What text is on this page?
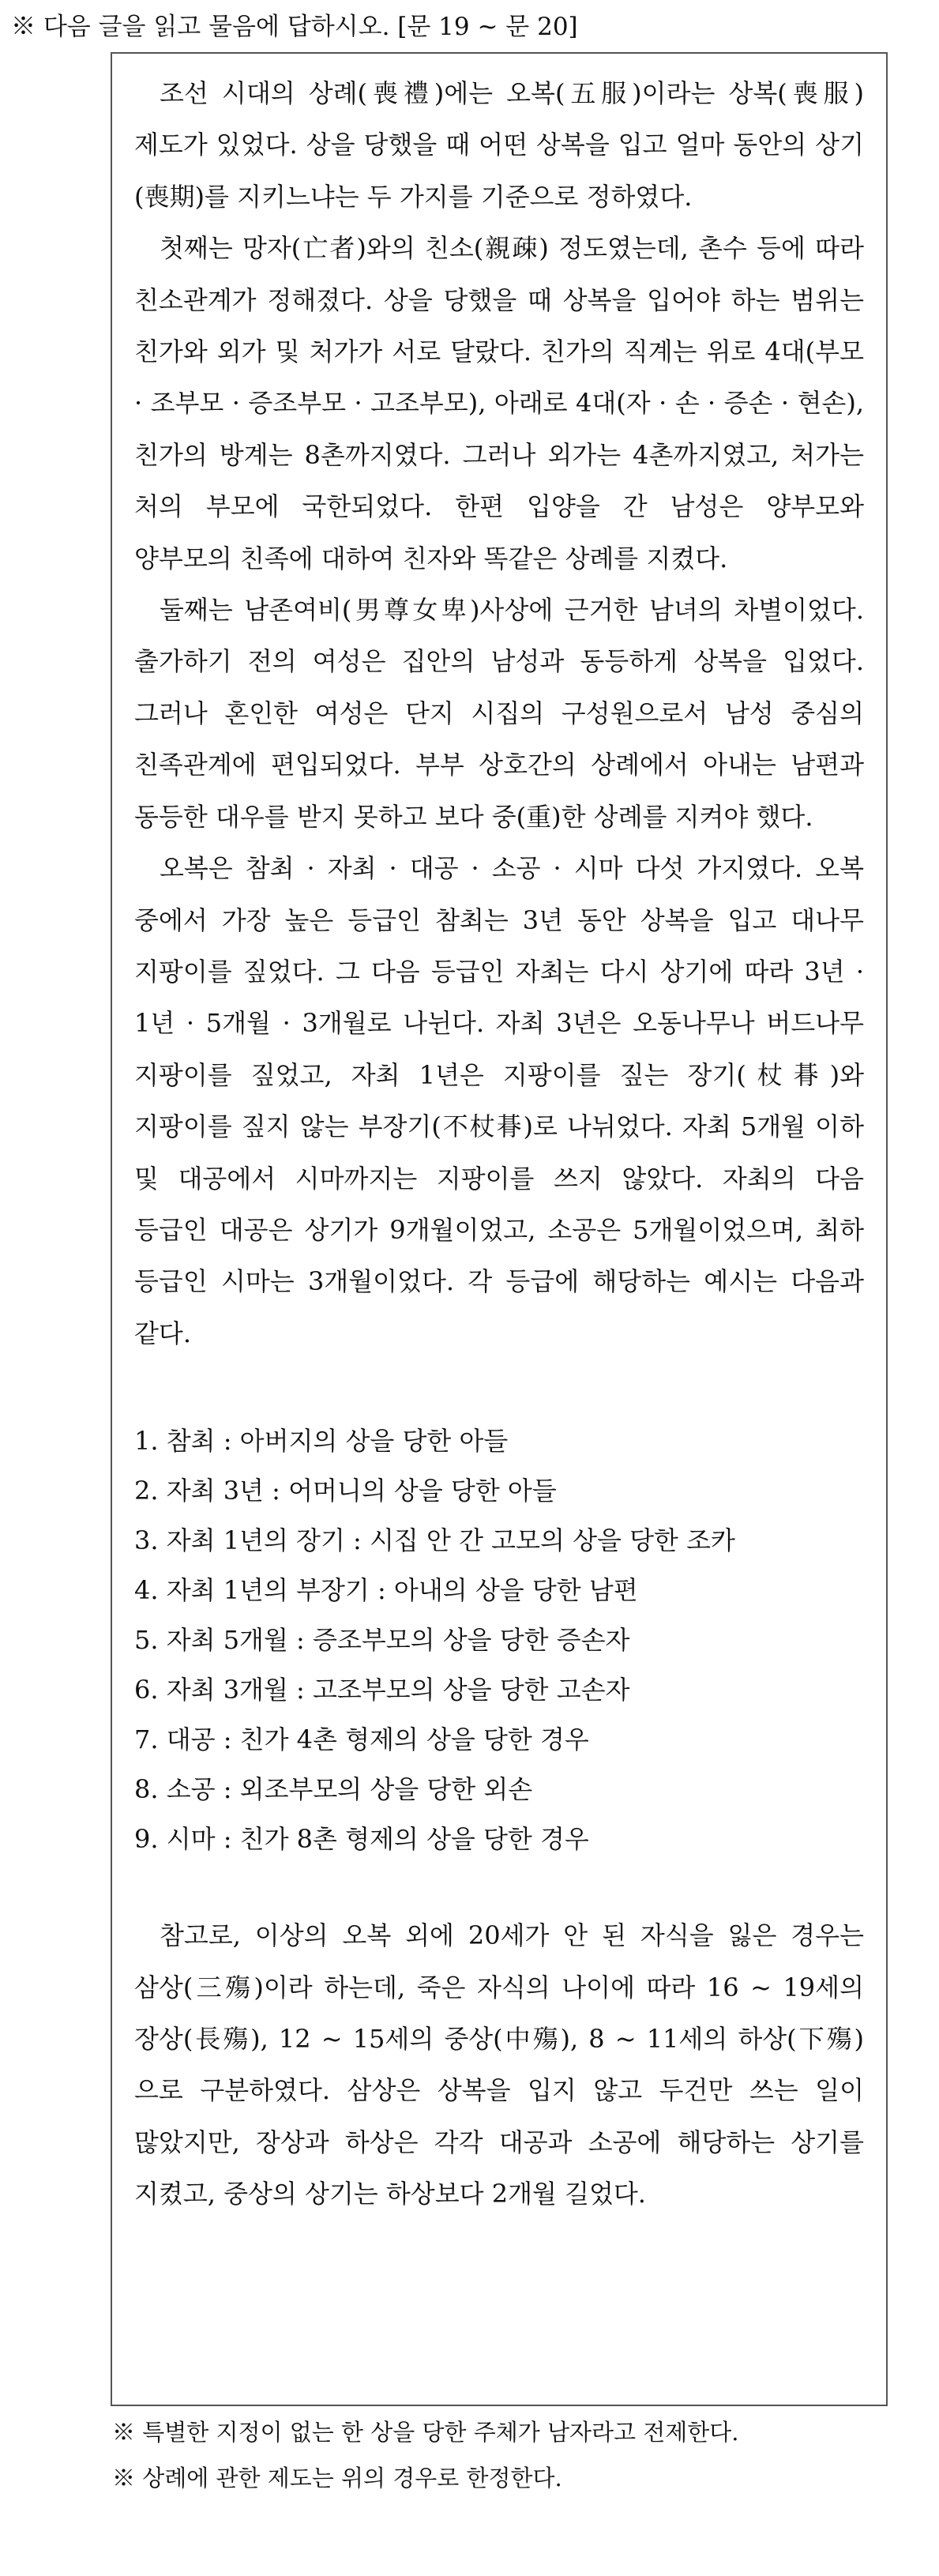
※ 다음 글을 읽고 물음에 답하시오. [문 19 ~ 문 20]

조선 시대의 상례(喪禮)에는 오복(五服)이라는 상복(喪服) 제도가 있었다. 상을 당했을 때 어떤 상복을 입고 얼마 동안의 상기(喪期)를 지키느냐는 두 가지를 기준으로 정하였다.

첫째는 망자(亡者)와의 친소(親疎) 정도였는데, 촌수 등에 따라 친소관계가 정해졌다. 상을 당했을 때 상복을 입어야 하는 범위는 친가와 외가 및 처가가 서로 달랐다. 친가의 직계는 위로 4대(부모 · 조부모 · 증조부모 · 고조부모), 아래로 4대(자 · 손 · 증손 · 현손), 친가의 방계는 8촌까지였다. 그러나 외가는 4촌까지였고, 처가는 처의 부모에 국한되었다. 한편 입양을 간 남성은 양부모와 양부모의 친족에 대하여 친자와 똑같은 상례를 지켰다.

둘째는 남존여비(男尊女卑)사상에 근거한 남녀의 차별이었다. 출가하기 전의 여성은 집안의 남성과 동등하게 상복을 입었다. 그러나 혼인한 여성은 단지 시집의 구성원으로서 남성 중심의 친족관계에 편입되었다. 부부 상호간의 상례에서 아내는 남편과 동등한 대우를 받지 못하고 보다 중(重)한 상례를 지켜야 했다.

오복은 참최 · 자최 · 대공 · 소공 · 시마 다섯 가지였다. 오복 중에서 가장 높은 등급인 참최는 3년 동안 상복을 입고 대나무 지팡이를 짚었다. 그 다음 등급인 자최는 다시 상기에 따라 3년 · 1년 · 5개월 · 3개월로 나뉜다. 자최 3년은 오동나무나 버드나무 지팡이를 짚었고, 자최 1년은 지팡이를 짚는 장기(杖朞)와 지팡이를 짚지 않는 부장기(不杖朞)로 나뉘었다. 자최 5개월 이하 및 대공에서 시마까지는 지팡이를 쓰지 않았다. 자최의 다음 등급인 대공은 상기가 9개월이었고, 소공은 5개월이었으며, 최하 등급인 시마는 3개월이었다. 각 등급에 해당하는 예시는 다음과 같다.

1. 참최 : 아버지의 상을 당한 아들
2. 자최 3년 : 어머니의 상을 당한 아들
3. 자최 1년의 장기 : 시집 안 간 고모의 상을 당한 조카
4. 자최 1년의 부장기 : 아내의 상을 당한 남편
5. 자최 5개월 : 증조부모의 상을 당한 증손자
6. 자최 3개월 : 고조부모의 상을 당한 고손자
7. 대공 : 친가 4촌 형제의 상을 당한 경우
8. 소공 : 외조부모의 상을 당한 외손
9. 시마 : 친가 8촌 형제의 상을 당한 경우

참고로, 이상의 오복 외에 20세가 안 된 자식을 잃은 경우는 삼상(三殤)이라 하는데, 죽은 자식의 나이에 따라 16 ~ 19세의 장상(長殤), 12 ~ 15세의 중상(中殤), 8 ~ 11세의 하상(下殤)으로 구분하였다. 삼상은 상복을 입지 않고 두건만 쓰는 일이 많았지만, 장상과 하상은 각각 대공과 소공에 해당하는 상기를 지켰고, 중상의 상기는 하상보다 2개월 길었다.

※ 특별한 지정이 없는 한 상을 당한 주체가 남자라고 전제한다.
※ 상례에 관한 제도는 위의 경우로 한정한다.
